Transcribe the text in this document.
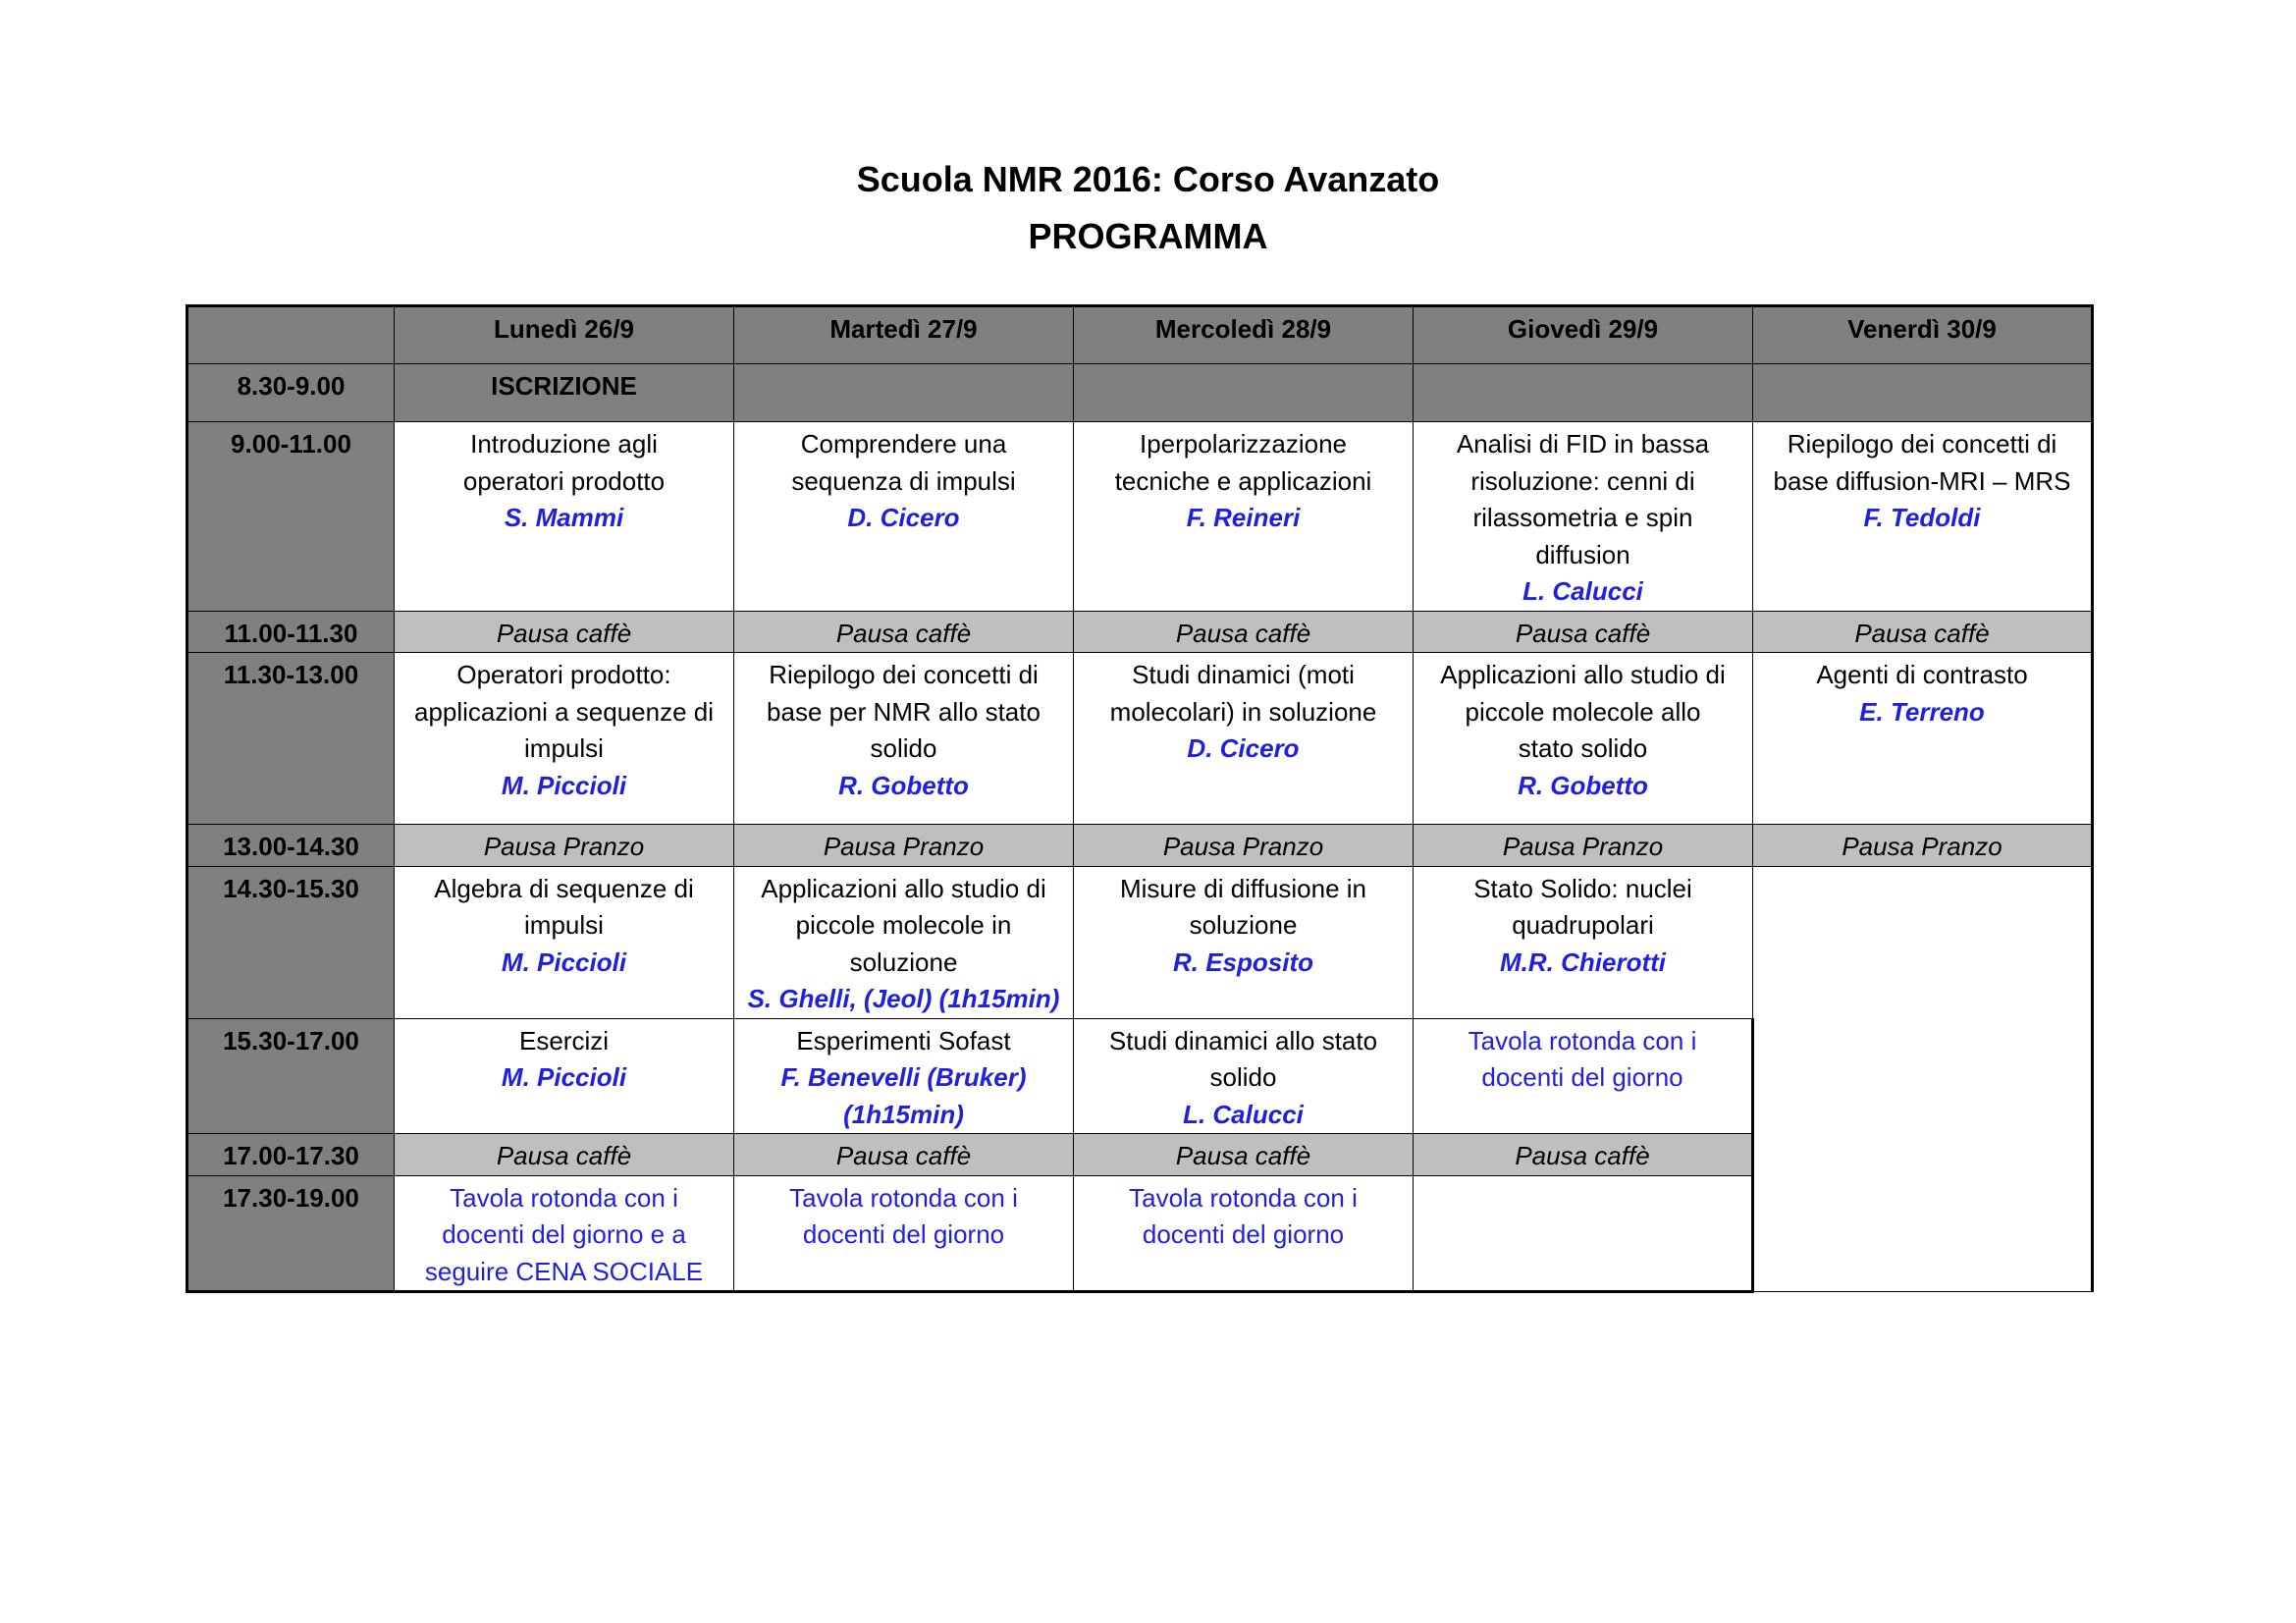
Scuola NMR 2016: Corso Avanzato
PROGRAMMA
	Lunedì 26/9	Martedì 27/9	Mercoledì 28/9	Giovedì 29/9	Venerdì 30/9
8.30-9.00	ISCRIZIONE				
9.00-11.00	Introduzione agli
operatori prodotto
S. Mammi	Comprendere una
sequenza di impulsi
D. Cicero	Iperpolarizzazione
tecniche e applicazioni
F. Reineri	Analisi di FID in bassa
risoluzione: cenni di
rilassometria e spin
diffusion
L. Calucci	Riepilogo dei concetti di
base diffusion-MRI – MRS
F. Tedoldi

11.00-11.30	Pausa caffè	Pausa caffè	Pausa caffè	Pausa caffè	Pausa caffè
11.30-13.00	Operatori prodotto:
applicazioni a sequenze di
impulsi
M. Piccioli	Riepilogo dei concetti di
base per NMR allo stato
solido
R. Gobetto	Studi dinamici (moti
molecolari) in soluzione
D. Cicero	Applicazioni allo studio di
piccole molecole allo
stato solido
R. Gobetto	Agenti di contrasto
E. Terreno

13.00-14.30	Pausa Pranzo	Pausa Pranzo	Pausa Pranzo	Pausa Pranzo	Pausa Pranzo
14.30-15.30	Algebra di sequenze di
impulsi
M. Piccioli	Applicazioni allo studio di
piccole molecole in
soluzione
S. Ghelli, (Jeol) (1h15min)	Misure di diffusione in
soluzione
R. Esposito	Stato Solido: nuclei
quadrupolari
M.R. Chierotti	

15.30-17.00	Esercizi
M. Piccioli	Esperimenti Sofast
F. Benevelli (Bruker)
(1h15min)	Studi dinamici allo stato
solido
L. Calucci	Tavola rotonda con i
docenti del giorno	

17.00-17.30	Pausa caffè	Pausa caffè	Pausa caffè	Pausa caffè	
17.30-19.00	Tavola rotonda con i
docenti del giorno e a
seguire CENA SOCIALE	Tavola rotonda con i
docenti del giorno	Tavola rotonda con i
docenti del giorno		
